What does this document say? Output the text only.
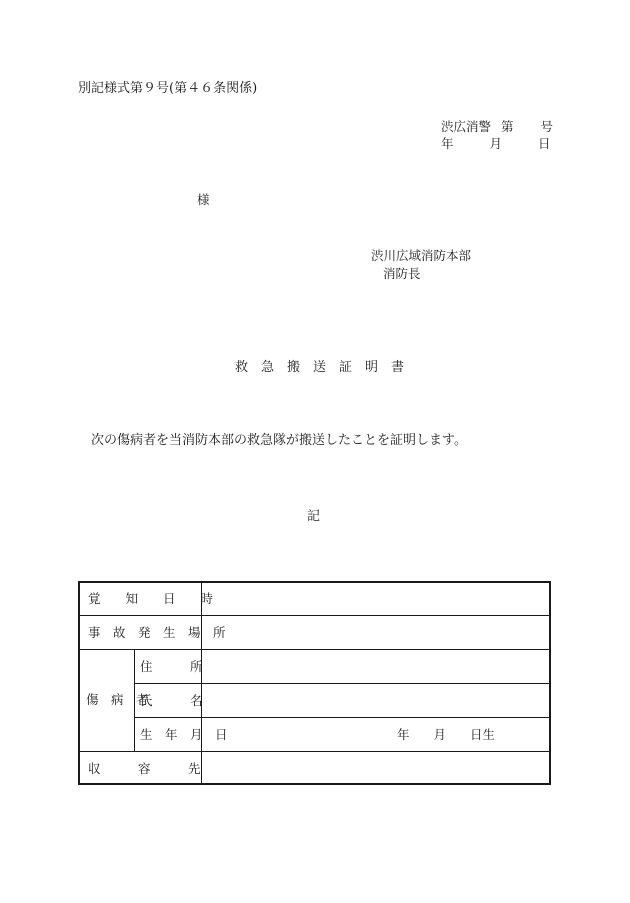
別記様式第９号(第４６条関係)
渋広消警 第 号
年	月	日
様
渋川広域消防本部
消防長
救　急　搬　送　証　明　書
次の傷病者を当消防本部の救急隊が搬送したことを証明します。
記
覚　　知　　日　　時
事　故　発　生　場　所
傷　病　者
住　　　所
氏　　　名
生　年　月　日
収　　　容　　　先
年 月 日生
